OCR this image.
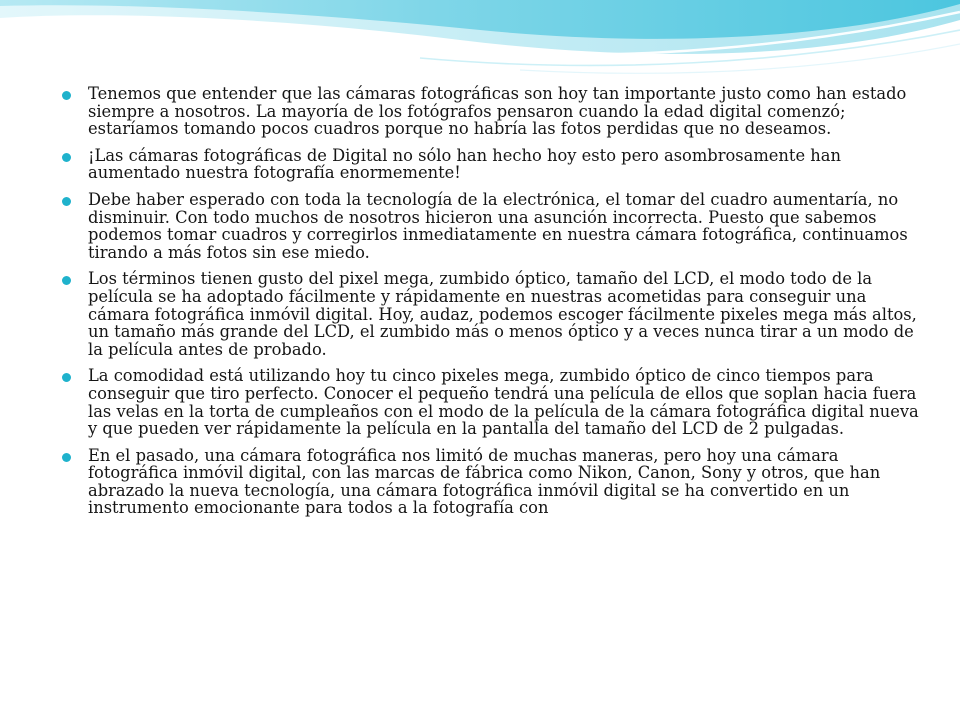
Tenemos que entender que las cámaras fotográficas son hoy tan importante justo como han estado siempre a nosotros. La mayoría de los fotógrafos pensaron cuando la edad digital comenzó; estaríamos tomando pocos cuadros porque no habría las fotos perdidas que no deseamos.
¡Las cámaras fotográficas de Digital no sólo han hecho hoy esto pero asombrosamente han aumentado nuestra fotografía enormemente!
Debe haber esperado con toda la tecnología de la electrónica, el tomar del cuadro aumentaría, no disminuir. Con todo muchos de nosotros hicieron una asunción incorrecta. Puesto que sabemos podemos tomar cuadros y corregirlos inmediatamente en nuestra cámara fotográfica, continuamos tirando a más fotos sin ese miedo.
Los términos tienen gusto del pixel mega, zumbido óptico, tamaño del LCD, el modo todo de la película se ha adoptado fácilmente y rápidamente en nuestras acometidas para conseguir una cámara fotográfica inmóvil digital. Hoy, audaz, podemos escoger fácilmente pixeles mega más altos, un tamaño más grande del LCD, el zumbido más o menos óptico y a veces nunca tirar a un modo de la película antes de probado.
La comodidad está utilizando hoy tu cinco pixeles mega, zumbido óptico de cinco tiempos para conseguir que tiro perfecto. Conocer el pequeño tendrá una película de ellos que soplan hacia fuera las velas en la torta de cumpleaños con el modo de la película de la cámara fotográfica digital nueva y que pueden ver rápidamente la película en la pantalla del tamaño del LCD de 2 pulgadas.
En el pasado, una cámara fotográfica nos limitó de muchas maneras, pero hoy una cámara fotográfica inmóvil digital, con las marcas de fábrica como Nikon, Canon, Sony y otros, que han abrazado la nueva tecnología, una cámara fotográfica inmóvil digital se ha convertido en un instrumento emocionante para todos a la fotografía con
